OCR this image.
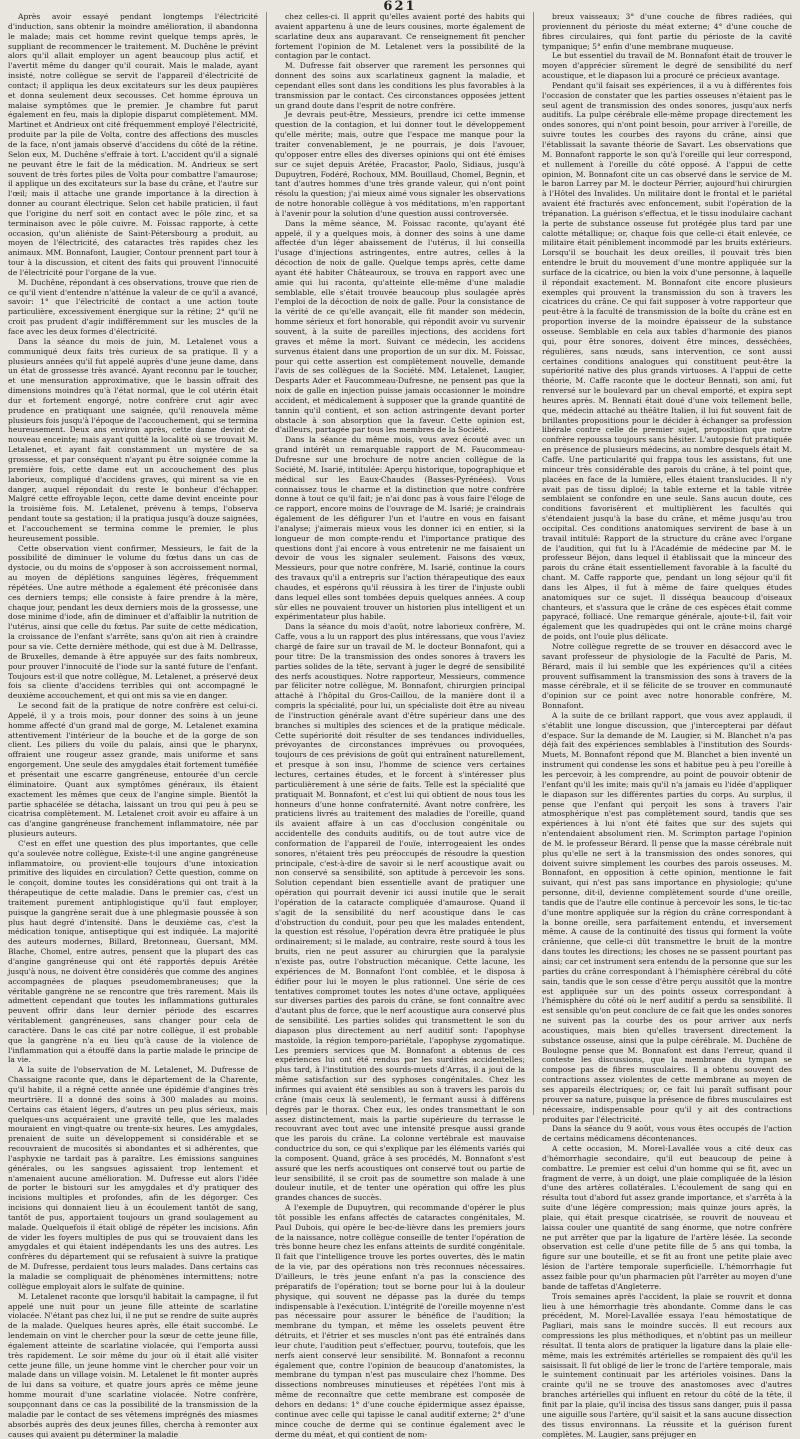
621

Après avoir essayé pendant longtemps l'électricité d'induction, sans obtenir la moindre amélioration, il abandonna le malade; mais cet homme revint quelque temps après, le suppliant de recommencer le traitement. M. Duchêne le prévint alors qu'il allait employer un agent beaucoup plus actif, et l'avertit même du danger qu'il courait. Mais le malade, ayant insisté, notre collègue se servit de l'appareil d'électricité de contact; il appliqua les deux excitateurs sur les deux paupières et donna seulement deux secousses. Cet homme éprouva un malaise symptômes que le premier. Je chambre fut parut également en feu, mais la diplopie disparut complètement. MM. Martinet et Andrieux ont cité fréquemment employé l'électricité, produite par la pile de Volta, contre des affections des muscles de la face, n'ont jamais observé d'accidens du côté de la rétine. Selon eux, M. Duchêne s'effraie à tort. L'accident qu'il a signalé ne peuvant être le fait de la médication. M. Andrieux se sert souvent de très fortes piles de Volta pour combattre l'amaurose; il applique un des excitateurs sur la base du crâne, et l'autre sur l'œil; mais il attache une grande importance à la direction à donner au courant électrique. Selon cet habile praticien, il faut que l'origine du nerf soit en contact avec le pôle zinc, et sa terminaison avec le pôle cuivre. M. Foissac rapporte, à cette occasion, qu'un aliéniste de Saint-Pétersbourg a produit, au moyen de l'électricité, des cataractes très rapides chez les animaux. MM. Bonnafont, Laugier, Contour prennent part tour à tour à la discussion, et citent des faits qui prouvent l'innocuité de l'électricité pour l'organe de la vue.

M. Duchêne, répondant à ces observations, trouve que rien de ce qu'il vient d'entendre n'atténue la valeur de ce qu'il a avancé, savoir: 1° que l'électricité de contact a une action toute particulière, excessivement énergique sur la rétine; 2° qu'il ne croit pas prudent d'agir indifféremment sur les muscles de la face avec les deux formes d'électricité.

Dans la séance du mois de juin, M. Letalenet vous a communiqué deux faits très curieux de sa pratique. Il y a plusieurs années qu'il fut appelé auprès d'une jeune dame, dans un état de grossesse très avancé. Ayant reconnu par le toucher, et une mensuration approximative, que le bassin offrait des dimensions moindres qu'à l'état normal, que le col utérin était dur et fortement engorgé, notre confrère crut agir avec prudence en pratiquant une saignée, qu'il renouvela même plusieurs fois jusqu'à l'époque de l'accouchement, qui se termina heureusement. Deux ans environ après, cette dame devint de nouveau enceinte; mais ayant quitté la localité où se trouvait M. Letalenet, et ayant fait constamment un mystère de sa grossesse, et par conséquent n'ayant pu être soignée comme la première fois, cette dame eut un accouchement des plus laborieux, compliqué d'accidens graves, qui mirent sa vie en danger, auquel répondait du reste le bonheur d'échapper. Malgré cette effroyable leçon, cette dame devint enceinte pour la troisième fois. M. Letalenet, prévenu à temps, l'observa pendant toute sa gestation; il la pratiqua jusqu'à douze saignées, et l'accouchement se termina comme le premier, le plus heureusement possible.

Cette observation vient confirmer, Messieurs, le fait de la possibilité de diminuer le volume du fœtus dans un cas de dystocie, ou du moins de s'opposer à son accroissement normal, au moyen de déplétions sanguines légères, fréquemment répétées. Une autre méthode a également été préconisée dans ces derniers temps; elle consiste à faire prendre à la mère, chaque jour, pendant les deux derniers mois de la grossesse, une dose minime d'iode, afin de diminuer et d'affaiblir la nutrition de l'utérus, ainsi que celle du fœtus. Par suite de cette médication, la croissance de l'enfant s'arrête, sans qu'on ait rien à craindre pour sa vie. Cette dernière méthode, qui est due à M. Dellrasse, de Bruxelles, demande à être appuyée sur des faits nombreux, pour prouver l'innocuité de l'iode sur la santé future de l'enfant. Toujours est-il que notre collègue, M. Letalenet, a préservé deux fois sa cliente d'accidens terribles qui ont accompagné le deuxième accouchement, et qui ont mis sa vie en danger.

Le second fait de la pratique de notre confrère est celui-ci. Appelé, il y a trois mois, pour donner des soins à un jeune homme affecté d'un grand mal de gorge, M. Letalenet examina attentivement l'intérieur de la bouche et de la gorge de son client. Les piliers du voile du palais, ainsi que le pharynx, offraient une rougeur assez grande, mais uniforme et sans engorgement. Une seule des amygdales était fortement tuméfiée et présentait une escarre gangréneuse, entourée d'un cercle éliminatoire. Quant aux symptômes généraux, ils étaient exactement les mêmes que ceux de l'angine simple. Bientôt la partie sphacélée se détacha, laissant un trou qui peu à peu se cicatrisa complètement. M. Letalenet croit avoir eu affaire à un cas d'angine gangréneuse franchement inflammatoire, née par plusieurs auteurs.

C'est en effet une question des plus importantes, que celle qu'a soulevée notre collègue, Existe-t-il une angine gangréneuse inflammatoire, ou provient-elle toujours d'une intoxication primitive des liquides en circulation? Cette question, comme on le conçoit, domine toutes les considérations qui ont trait à la thérapeutique de cette maladie. Dans le premier cas, c'est un traitement purement antiphlogistique qu'il faut employer, puisque la gangrène serait due à une phlegmasie poussée à son plus haut degré d'intensité. Dans le deuxième cas, c'est la médication tonique, antiseptique qui est indiquée. La majorité des auteurs modernes, Billard, Bretonneau, Guersant, MM. Blache, Chomel, entre autres, pensent que la plupart des cas d'angine gangréneuse qui ont été rapportés depuis Arétée jusqu'à nous, ne doivent être considérés que comme des angines accompagnées de plaques pseudomembraneuses; que la véritable gangrène ne se rencontre que très rarement. Mais ils admettent cependant que toutes les inflammations gutturales peuvent offrir dans leur dernier période des escarres véritablement gangréneuses, sans changer pour cela de caractère. Dans le cas cité par notre collègue, il est probable que la gangrène n'a eu lieu qu'à cause de la violence de l'inflammation qui a étouffé dans la partie malade le principe de la vie.

A la suite de l'observation de M. Letalenet, M. Dufresse de Chassaigne raconte que, dans le département de la Charente, qu'il habite, il a régné cette année une épidémie d'angines très meurtrière. Il a donné des soins à 300 malades au moins. Certains cas étaient légers, d'autres un peu plus sérieux, mais quelques-uns acquéraient une gravité telle, que les malades mouraient en vingt-quatre ou trente-six heures. Les amygdales, prenaient de suite un développement si considérable et se recouvraient de mucosités si abondantes et si adhérentes, que l'asphyxie ne tardait pas à paraître. Les émissions sanguines générales, ou les sangsues agissaient trop lentement et n'amenaient aucune amélioration. M. Dufresse eut alors l'idée de porter le bistouri sur les amygdales et d'y pratiquer des incisions multiples et profondes, afin de les dégorger. Ces incisions qui donnaient lieu à un écoulement tantôt de sang, tantôt de pus, apportaient toujours un grand soulagement au malade. Quelquefois il était obligé de répéter les incisions. Afin de vider les foyers multiples de pus qui se trouvaient dans les amygdales et qui étaient indépendants les uns des autres. Les confrères du département qui se refusaient à suivre la pratique de M. Dufresse, perdaient tous leurs malades. Dans certains cas la maladie se compliquait de phénomènes intermittens; notre collègue employait alors le sulfate de quinine.

M. Letalenet raconte que lorsqu'il habitait la campagne, il fut appelé une nuit pour un jeune fille atteinte de scarlatine violacée. N'étant pas chez lui, il ne put se rendre de suite auprès de la malade. Quelques heures après, elle était succombé. Le lendemain on vint le chercher pour la sœur de cette jeune fille, également atteinte de scarlatine violacée, qui l'emporta aussi très rapidement. Le soir même du jour où il était allé visiter cette jeune fille, un jeune homme vint le chercher pour voir un malade dans un village voisin. M. Letalenet le fit monter auprès de lui dans sa voiture, et quatre jours après ce même jeune homme mourait d'une scarlatine violacée. Notre confrère, soupçonnant dans ce cas la possibilité de la transmission de la maladie par le contact de ses vêtemens imprégnés des miasmes absorbés auprès des deux jeunes filles, chercha à remonter aux causes qui avaient pu déterminer la maladie

chez celles-ci. Il apprit qu'elles avaient porté des habits qui avaient appartenu à une de leurs cousines, morte également de scarlatine deux ans auparavant. Ce renseignement fit pencher fortement l'opinion de M. Letalenet vers la possibilité de la contagion par le contact.

M. Dufresse fait observer que rarement les personnes qui donnent des soins aux scarlatineux gagnent la maladie, et cependant elles sont dans les conditions les plus favorables à la transmission par le contact. Ces circonstances opposées jettent un grand doute dans l'esprit de notre confrère.

Je devrais peut-être, Messieurs, prendre ici cette immense question de la contagion, et lui donner tout le développement qu'elle mérite; mais, outre que l'espace me manque pour la traiter convenablement, je ne pourrais, je dois l'avouer, qu'opposer entre elles des diverses opinions qui ont été émises sur ce sujet depuis Arétée, Fracastor, Paolo, Sidiaus, jusqu'à Dupuytren, Fodéré, Rochoux, MM. Bouillaud, Chomel, Begnin, et tant d'autres hommes d'une très grande valeur, qui n'ont point résolu la question; j'ai mieux aimé vous signaler les observations de notre honorable collègue à vos méditations, m'en rapportant à l'avenir pour la solution d'une question aussi controversée.

Dans la même séance, M. Foissac raconte, qu'ayant été appelé, il y a quelques mois, à donner des soins à une dame affectée d'un léger abaissement de l'utérus, il lui conseilla l'usage d'injections astringentes, entre autres, celles à la décoction de noix de galle. Quelque temps après, cette dame ayant été habiter Châteauroux, se trouva en rapport avec une amie qui lui raconta, qu'atteinte elle-même d'une maladie semblable, elle s'était trouvée beaucoup plus soulagée après l'emploi de la décoction de noix de galle. Pour la consistance de la vérité de ce qu'elle avançait, elle fit mander son médecin, homme sérieux et fort honorable, qui répondit avoir vu survenir souvent, à la suite de pareilles injections, des accidens fort graves et même la mort. Suivant ce médecin, les accidens survenus étaient dans une proportion de un sur dix. M. Foissac, pour qui cette assertion est complètement nouvelle, demande l'avis de ses collègues de la Société. MM. Letalenet, Laugier, Desparts Ader et Faucommeau-Dufresne, ne pensent pas que la noix de galle en injection puisse jamais occasionner le moindre accident, et médicalement à supposer que la grande quantité de tannin qu'il contient, et son action astringente devant porter obstacle à son absorption que la faveur. Cette opinion est, d'ailleurs, partagée par tous les membres de la Société.

Dans la séance du même mois, vous avez écouté avec un grand intérêt un remarquable rapport de M. Faucommeau-Dufresne sur une brochure de notre ancien collègue de la Société, M. Isarié, intitulée: Aperçu historique, topographique et médical sur les Eaux-Chaudes (Basses-Pyrénées). Vous connaissez tous le charme et la distinction que notre confrère donne à tout ce qu'il fait; je n'ai donc pas à vous faire l'éloge de ce rapport, encore moins de l'ouvrage de M. Isarié; je craindrais également de les défigurer l'un et l'autre en vous en faisant l'analyse; j'aimerais mieux vous les donner ici en entier, si la longueur de mon compte-rendu et l'importance pratique des questions dont j'ai encore à vous entretenir ne me faisaient un devoir de vous les signaler seulement. Faisons des vœux, Messieurs, pour que notre confrère, M. Isarié, continue la cours des travaux qu'il a entrepris sur l'action thérapeutique des eaux chaudes, et espérons qu'il réussira à les tirer de l'injuste oubli dans lequel elles sont tombées depuis quelques années. A coup sûr elles ne pouvaient trouver un historien plus intelligent et un expérimentateur plus habile.

Dans la séance du mois d'août, notre laborieux confrère, M. Caffe, vous a lu un rapport des plus intéressans, que vous l'aviez chargé de faire sur un travail de M. le docteur Bonnafont, qui a pour titre: De la transmission des ondes sonores à travers les parties solides de la tête, servant à juger le degré de sensibilité des nerfs acoustiques. Notre rapporteur, Messieurs, commence par féliciter notre collègue, M. Bonnafont, chirurgien principal attaché à l'hôpital du Gros-Caillou, de la manière dont il a compris la spécialité, pour lui, un spécialiste doit être au niveau de l'instruction générale avant d'être supérieur dans une des branches si multiples des sciences et de la pratique médicale. Cette supériorité doit résulter de ses tendances individuelles, prévoyantes de circonstances imprévues ou provoquées, toujours de ces prévisions de goût qui entraînent naturellement, et presque à son insu, l'homme de science vers certaines lectures, certaines études, et le forcent à s'intéresser plus particulièrement à une série de faits. Telle est la spécialité que pratiquait M. Bonnafont, et c'est lui qui obtient de nous tous les honneurs d'une honne confraternité. Avant notre confrère, les praticiens livrés au traitement des maladies de l'oreille, quand ils avaient affaire à un cas d'occlusion congénitale ou accidentelle des conduits auditifs, ou de tout autre vice de conformation de l'appareil de l'ouïe, interrogeaient les ondes sonores, n'étaient très peu préoccupés de résoudre la question principale, c'est-à-dire de savoir si le nerf acoustique avait ou non conservé sa sensibilité, son aptitude à percevoir les sons. Solution cependant bien essentielle avant de pratiquer une opération qui pourrait devenir ici aussi inutile que le serait l'opération de la cataracte compliquée d'amaurose. Quand il s'agit de la sensibilité du nerf acoustique dans le cas d'obstruction du conduit, pour peu que les malades entendent, la question est résolue, l'opération devra être pratiquée le plus ordinairement; si le malade, au contraire, reste sourd à tous les bruits, rien ne peut assurer au chirurgien que la paralysie n'existe pas, outre l'obstruction mécanique. Cette lacune, les expériences de M. Bonnafont l'ont comblée, et le disposa à édifier pour lui le moyen le plus rationnel. Une série de ces tentatives compromet toutes les notes d'une octave, appliquées sur diverses parties des parois du crâne, se font connaître avec d'autant plus de force, que le nerf acoustique aura conservé plus de sensibilité. Les parties solides qui transmettent le son du diapason plus directement au nerf auditif sont: l'apophyse mastoïde, la région temporo-pariétale, l'apophyse zygomatique. Les premiers services que M. Bonnafont a obtenus de ces expériences lui ont été rendus par les surdités accidentelles; plus tard, à l'institution des sourds-muets d'Arras, il a joui de la même satisfaction sur des syphoses congénitales. Chez les infirmes qui avaient été sensibles au son à travers les parois du crâne (mais ceux là seulement), le fermant aussi à différens degrés par le thorax. Chez eux, les ondes transmettant le son assez distinctement, mais la partie supérieure du terrasse le recouvrant avec tout avec une intensité presque aussi grande que les parois du crâne. La colonne vertébrale est mauvaise conductrice du son, ce qui s'explique par les éléments variés qui la composent. Quand, grâce à ses procédés, M. Bonnafont s'est assuré que les nerfs acoustiques ont conservé tout ou partie de leur sensibilité, il se croit pas de soumettre son malade à une douleur inutile, et de tenter une opération qui offre les plus grandes chances de succès.

A l'exemple de Dupuytren, qui recommande d'opérer le plus tôt possible les enfans affectés de cataractes congénitales, M. Paul Dubois, qui opère le bec-de-lièvre dans les premiers jours de la naissance, notre collègue conseille de tenter l'opération de très bonne heure chez les enfans atteints de surdité congénitale. Il fait que l'intelligence trouve les portes ouvertes, dès le matin de la vie, par des opérations non très reconnues nécessaires. D'ailleurs, le très jeune enfant n'a pas la conscience des préparatifs de l'opération; tout se borne pour lui à la douleur physique, qui souvent ne dépasse pas la durée du temps indispensable à l'exécution. L'intégrité de l'oreille moyenne n'est pas nécessaire pour assurer le bénéfice de l'audition; la membrane du tympan, et même les osselets peuvent être détruits, et l'étrier et ses muscles n'ont pas été entraînés dans leur chute, l'audition peut s'effectuer, pourvu, toutefois, que les nerfs aient conservé leur sensibilité. M. Bonnafont a reconnu également que, contre l'opinion de beaucoup d'anatomistes, la membrane du tympan n'est pas musculaire chez l'homme. Des dissections nombreuses minutieuses et répétées l'ont mis à même de reconnaître que cette membrane est composée de dehors en dedans: 1° d'une couche épidermique assez épaisse, continue avec celle qui tapisse le canal auditif externe; 2° d'une mince couche de derme qui se continue également avec le derme du méat, et qui contient de nom-

breux vaisseaux; 3° d'une couche de fibres radiées, qui proviennent du périoste du méat externe; 4° d'une couche de fibres circulaires, qui font partie du périoste de la cavité tympanique; 5° enfin d'une membrane muqueuse.

Le but essentiel du travail de M. Bonnafont était de trouver le moyen d'apprécier sûrement le degré de sensibilité du nerf acoustique, et le diapason lui a procuré ce précieux avantage.

Pendant qu'il faisait ses expériences, il a vu à différentes fois l'occasion de constater que les parties osseuses n'étaient pas le seul agent de transmission des ondes sonores, jusqu'aux nerfs auditifs. La pulpe cérébrale elle-même propage directement les ondes sonores, qui n'ont point besoin, pour arriver à l'oreille, de suivre toutes les courbes des rayons du crâne, ainsi que l'établissait la savante théorie de Savart. Les observations que M. Bonnafont rapporte le son qu'à l'oreille qui leur correspond, et nullement à l'oreille du côté opposé. A l'appui de cette opinion, M. Bonnafont cite un cas observé dans le service de M. le baron Larrey par M. le docteur Pérrier, aujourd'hui chirurgien à l'Hôtel des Invalides. Un militaire dont le frontal et le pariétal avaient été fracturés avec enfoncement, subit l'opération de la trépanation. La guérison s'effectua, et le tissu inodulaire cachant la perte de substance osseuse fut protégée plus tard par une calotte métallique; or, chaque fois que celle-ci était enlevée, ce militaire était péniblement incommodé par les bruits extérieurs. Lorsqu'il se bouchait les deux oreilles, il pouvait très bien entendre le bruit du mouvement d'une montre appliquée sur la surface de la cicatrice, ou bien la voix d'une personne, à laquelle il répondait exactement. M. Bonnafont cite encore plusieurs exemples qui prouvent la transmission du son à travers les cicatrices du crâne. Ce qui fait supposer à votre rapporteur que peut-être à la faculté de transmission de la boîte du crâne est en proportion inverse de la moindre épaisseur de la substance osseuse. Semblable en cela aux tables d'harmonie des pianos qui, pour être sonores, doivent être minces, desséchées, régulières, sans nœuds, sans intervention, ce sont aussi certaines conditions analogues qui constituent peut-être la supériorité native des plus grands virtuoses. A l'appui de cette théorie, M. Caffe raconte que le docteur Bennati, son ami, fut renversé sur le boulevard par un cheval emporté, et expira sept heures après. M. Bennati était doué d'une voix tellement belle, que, médecin attaché au théâtre Italien, il lui fut souvent fait de brillantes propositions pour le décider à échanger sa profession libérale contre celle de premier sujet, proposition que notre confrère repoussa toujours sans hésiter. L'autopsie fut pratiquée en présence de plusieurs médecins, au nombre desquels était M. Caffe. Une particularité qui frappa tous les assistans, fut une minceur très considérable des parois du crâne, à tel point que, placées en face de la lumière, elles étaient translucides. Il n'y avait pas de tissu diploé; la table externe et la table vitrée semblaient se confondre en une seule. Sans aucun doute, ces conditions favorisèrent et multiplièrent les facultés qui s'étendaient jusqu'à la base du crâne, et même jusqu'au trou occipital. Ces conditions anatomiques servirent de base à un travail intitulé: Rapport de la structure du crâne avec l'organe de l'audition, qui fut lu à l'Académie de médecine par M. le professeur Béjon, dans lequel il établissait que la minceur des parois du crâne était essentiellement favorable à la faculté du chant. M. Caffe rapporte que, pendant un long séjour qu'il fit dans les Alpes, il fut à même de faire quelques études anatomiques sur ce sujet. Il disséqua beaucoup d'oiseaux chanteurs, et s'assura que le crâne de ces espèces était comme papyracé, folliacé. Une remarque générale, ajoute-t-il, fait voir également que les quadrupèdes qui ont le crâne moins chargé de poids, ont l'ouïe plus délicate.

Notre collègue regrette de se trouver en désaccord avec le savant professeur de physiologie de la Faculté de Paris, M. Bérard, mais il lui semble que les expériences qu'il a citées prouvent suffisamment la transmission des sons à travers de la masse cérébrale, et il se félicite de se trouver en communauté d'opinion sur ce point avec notre honorable confrère, M. Bonnafont.

A la suite de ce brillant rapport, que vous avez applaudi, il s'établit une longue discussion, que j'intercepterai par défaut d'espace. Sur la demande de M. Laugier, si M. Blanchet n'a pas déjà fait des expériences semblables à l'institution des Sourds-Muets, M. Bonnafont répond que M. Blanchet a bien inventé un instrument qui condense les sons et habitue peu à peu l'oreille à les percevoir, à les comprendre, au point de pouvoir obtenir de l'enfant qu'il les imite; mais qu'il n'a jamais eu l'idée d'appliquer le diapason sur les différentes parties du corps. Au surplus, il pense que l'enfant qui perçoit les sons à travers l'air atmosphérique n'est pas complètement sourd, tandis que ses expériences à lui n'ont été faites que sur des sujets qui n'entendaient absolument rien. M. Scrimpton partage l'opinion de M. le professeur Bérard. Il pense que la masse cérébrale nuit plus qu'elle ne sert à la transmission des ondes sonores, qui doivent suivre simplement les courbes des parois osseuses. M. Bonnafont, en opposition à cette opinion, mentionne le fait suivant, qui n'est pas sans importance en physiologie; qu'une personne, dit-il, devienne complètement sourde d'une oreille, tandis que de l'autre elle continue à percevoir les sons, le tic-tac d'une montre appliquée sur la région du crâne correspondant à la bonne oreille, sera parfaitement entendu, et inversement même. A cause de la continuité des tissus qui forment la voûte crânienne, que celle-ci dût transmettre le bruit de la montre dans toutes les directions; les choses ne se passent pourtant pas ainsi; car cet instrument sera entendu de la personne que sur les parties du crâne correspondant à l'hémisphère cérébral du côté sain, tandis que le son cesse d'être perçu aussitôt que la montre est appliquée sur un des points osseux correspondant à l'hémisphère du côté où le nerf auditif a perdu sa sensibilité. Il est sensible qu'on peut conclure de ce fait que les ondes sonores ne suivent pas la courbe des os pour arriver aux nerfs acoustiques, mais bien qu'elles traversent directement la substance osseuse, ainsi que la pulpe cérébrale. M. Duchêne de Boulogne pense que M. Bonnafont est dans l'erreur, quand il conteste les discussions, que la membrane du tympan se compose pas de fibres musculaires. Il a obtenu souvent des contractions assez violentes de cette membrane au moyen de ses appareils électriques; or, ce fait lui paraît suffisant pour prouver sa nature, puisque la présence de fibres musculaires est nécessaire, indispensable pour qu'il y ait des contractions produites par l'électricité.

Dans la séance du 9 août, vous vous êtes occupés de l'action de certains médicamens décontenances.

A cette occasion, M. Morel-Lavallée vous a cité deux cas d'hémorrhagie secondaire, qu'il eut beaucoup de peine à combattre. Le premier est celui d'un homme qui se fit, avec un fragment de verre, à un doigt, une plaie compliquée de la lésion d'une des artères collatérales. L'écoulement de sang qui en résulta tout d'abord fut assez grande importance, et s'arrêta à la suite d'une légère compression; mais quinze jours après, la plaie, qui était presque cicatrisée, se rouvrit de nouveau et laissa couler une quantité de sang énorme, que notre confrère ne put arrêter que par la ligature de l'artère lésée. La seconde observation est celle d'une petite fille de 5 ans qui tomba, la figure sur une bouteille, et se fit au front une petite plaie avec lésion de l'artère temporale superficielle. L'hémorrhagie fut assez faible pour qu'un pharmacien pût l'arrêter au moyen d'une bande de taffetas d'Angleterre.

Trois semaines après l'accident, la plaie se rouvrit et donna lieu à une hémorrhagie très abondante. Comme dans le cas précédent, M. Morel-Lavallée essaya l'eau hémostatique de Pagliari, mais sans le moindre succès. Il eut recours aux compressions les plus méthodiques, et n'obtint pas un meilleur résultat. Il tenta alors de pratiquer la ligature dans la plaie elle-même, mais les extrémités artérielles se rompaient dès qu'il les saisissait. Il fut obligé de lier le tronc de l'artère temporale, mais le suintement continuait par les artérioles voisines. Dans la crainte qu'il ne se trouve des anastomoses avec d'autres branches artérielles qui influent en retour du côté de la tête, il finit par la plaie, qu'il incisa des tissus sans danger, puis il passa une aiguille sous l'artère, qu'il saisit et la sans aucune dissection des tissus environnans. La réussite et la guérison furent complètes. M. Laugier, sans préjuger en
